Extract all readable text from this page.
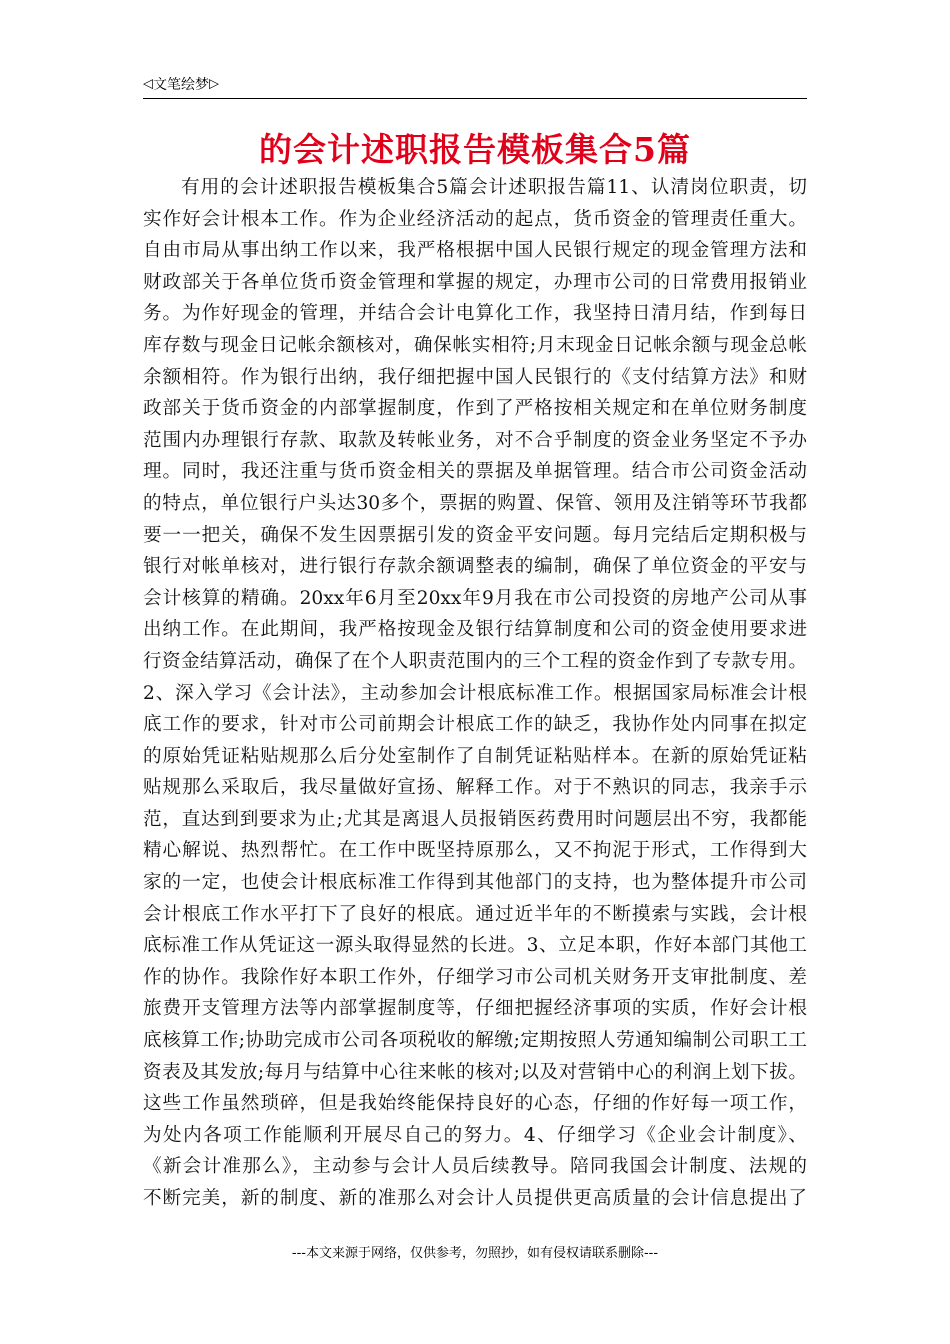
◁文笔绘梦▷
的会计述职报告模板集合5篇
有用的会计述职报告模板集合5篇会计述职报告篇11、认清岗位职责，切
实作好会计根本工作。作为企业经济活动的起点，货币资金的管理责任重大。
自由市局从事出纳工作以来，我严格根据中国人民银行规定的现金管理方法和
财政部关于各单位货币资金管理和掌握的规定，办理市公司的日常费用报销业
务。为作好现金的管理，并结合会计电算化工作，我坚持日清月结，作到每日
库存数与现金日记帐余额核对，确保帐实相符;月末现金日记帐余额与现金总帐
余额相符。作为银行出纳，我仔细把握中国人民银行的《支付结算方法》和财
政部关于货币资金的内部掌握制度，作到了严格按相关规定和在单位财务制度
范围内办理银行存款、取款及转帐业务，对不合乎制度的资金业务坚定不予办
理。同时，我还注重与货币资金相关的票据及单据管理。结合市公司资金活动
的特点，单位银行户头达30多个，票据的购置、保管、领用及注销等环节我都
要一一把关，确保不发生因票据引发的资金平安问题。每月完结后定期积极与
银行对帐单核对，进行银行存款余额调整表的编制，确保了单位资金的平安与
会计核算的精确。20xx年6月至20xx年9月我在市公司投资的房地产公司从事
出纳工作。在此期间，我严格按现金及银行结算制度和公司的资金使用要求进
行资金结算活动，确保了在个人职责范围内的三个工程的资金作到了专款专用。
2、深入学习《会计法》，主动参加会计根底标准工作。根据国家局标准会计根
底工作的要求，针对市公司前期会计根底工作的缺乏，我协作处内同事在拟定
的原始凭证粘贴规那么后分处室制作了自制凭证粘贴样本。在新的原始凭证粘
贴规那么采取后，我尽量做好宣扬、解释工作。对于不熟识的同志，我亲手示
范，直达到到要求为止;尤其是离退人员报销医药费用时问题层出不穷，我都能
精心解说、热烈帮忙。在工作中既坚持原那么，又不拘泥于形式，工作得到大
家的一定，也使会计根底标准工作得到其他部门的支持，也为整体提升市公司
会计根底工作水平打下了良好的根底。通过近半年的不断摸索与实践，会计根
底标准工作从凭证这一源头取得显然的长进。3、立足本职，作好本部门其他工
作的协作。我除作好本职工作外，仔细学习市公司机关财务开支审批制度、差
旅费开支管理方法等内部掌握制度等，仔细把握经济事项的实质，作好会计根
底核算工作;协助完成市公司各项税收的解缴;定期按照人劳通知编制公司职工工
资表及其发放;每月与结算中心往来帐的核对;以及对营销中心的利润上划下拔。
这些工作虽然琐碎，但是我始终能保持良好的心态，仔细的作好每一项工作，
为处内各项工作能顺利开展尽自己的努力。4、仔细学习《企业会计制度》、
《新会计准那么》，主动参与会计人员后续教导。陪同我国会计制度、法规的
不断完美，新的制度、新的准那么对会计人员提供更高质量的会计信息提出了
---本文来源于网络，仅供参考，勿照抄，如有侵权请联系删除---
